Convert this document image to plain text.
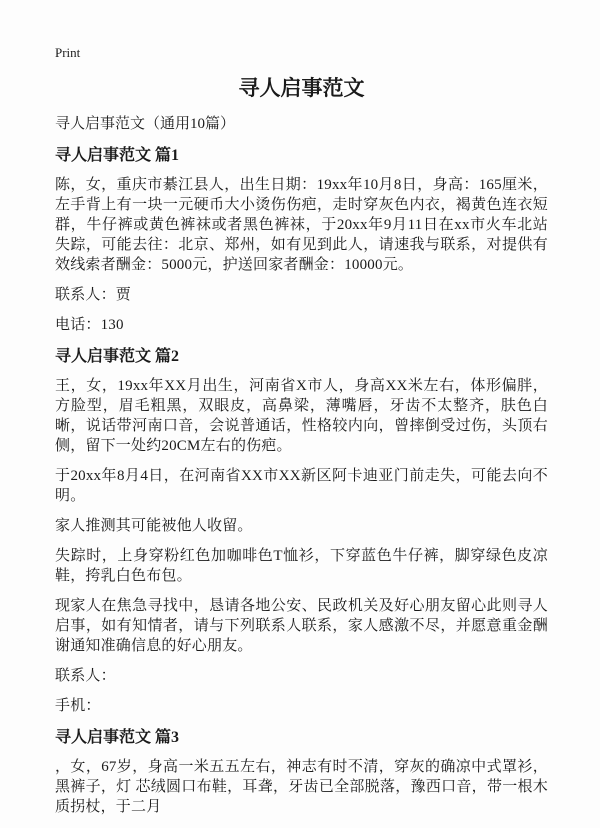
Print
寻人启事范文

寻人启事范文（通用10篇）

寻人启事范文 篇1

陈，女，重庆市綦江县人，出生日期：19xx年10月8日，身高：165厘米，左手背上有一块一元硬币大小烫伤伤疤，走时穿灰色内衣，褐黄色连衣短群，牛仔裤或黄色裤袜或者黑色裤袜，于20xx年9月11日在xx市火车北站失踪，可能去往：北京、郑州，如有见到此人，请速我与联系，对提供有效线索者酬金：5000元，护送回家者酬金：10000元。

联系人：贾

电话：130

寻人启事范文 篇2

王，女，19xx年XX月出生，河南省X市人，身高XX米左右，体形偏胖，方脸型，眉毛粗黑，双眼皮，高鼻梁，薄嘴唇，牙齿不太整齐，肤色白晰，说话带河南口音，会说普通话，性格较内向，曾摔倒受过伤，头顶右侧，留下一处约20CM左右的伤疤。

于20xx年8月4日，在河南省XX市XX新区阿卡迪亚门前走失，可能去向不明。

家人推测其可能被他人收留。

失踪时，上身穿粉红色加咖啡色T恤衫，下穿蓝色牛仔裤，脚穿绿色皮凉鞋，挎乳白色布包。

现家人在焦急寻找中，恳请各地公安、民政机关及好心朋友留心此则寻人启事，如有知情者，请与下列联系人联系，家人感激不尽，并愿意重金酬谢通知准确信息的好心朋友。

联系人：

手机：

寻人启事范文 篇3

，女，67岁，身高一米五五左右，神志有时不清，穿灰的确凉中式罩衫，黑裤子，灯 芯绒圆口布鞋，耳聋，牙齿已全部脱落，豫西口音，带一根木质拐杖，于二月
